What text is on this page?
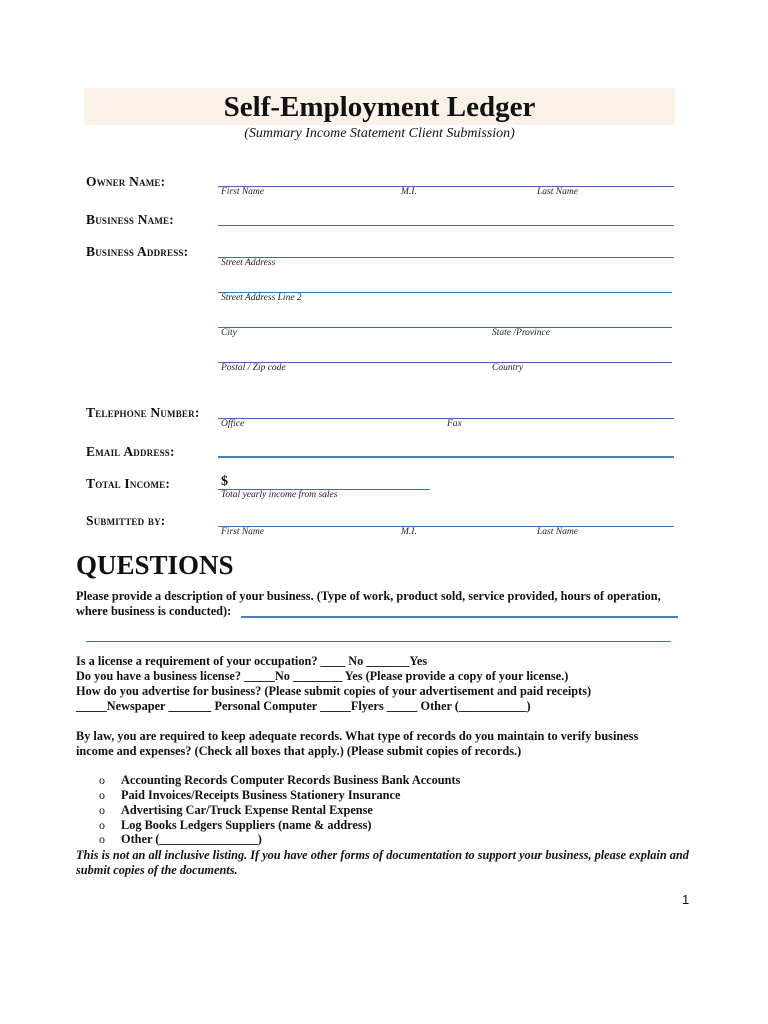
Self-Employment Ledger
(Summary Income Statement Client Submission)
Owner Name:
First Name	M.I.	Last Name
Business Name:
Business Address:
Street Address
Street Address Line 2
City	State /Province
Postal / Zip code	Country
Telephone Number:
Office	Fax
Email Address:
Total Income:	$
Total yearly income from sales
Submitted by:
First Name	M.I.	Last Name
QUESTIONS
Please provide a description of your business. (Type of work, product sold, service provided, hours of operation,
where business is conducted):
Is a license a requirement of your occupation? ____ No _______Yes
Do you have a business license? _____No ________ Yes (Please provide a copy of your license.)
How do you advertise for business? (Please submit copies of your advertisement and paid receipts)
_____Newspaper _______ Personal Computer _____Flyers _____ Other (___________)
By law, you are required to keep adequate records. What type of records do you maintain to verify business
income and expenses? (Check all boxes that apply.) (Please submit copies of records.)
o Accounting Records Computer Records Business Bank Accounts
o Paid Invoices/Receipts Business Stationery Insurance
o Advertising Car/Truck Expense Rental Expense
o Log Books Ledgers Suppliers (name & address)
o Other (________________)
This is not an all inclusive listing. If you have other forms of documentation to support your business, please explain and submit copies of the documents.
1
